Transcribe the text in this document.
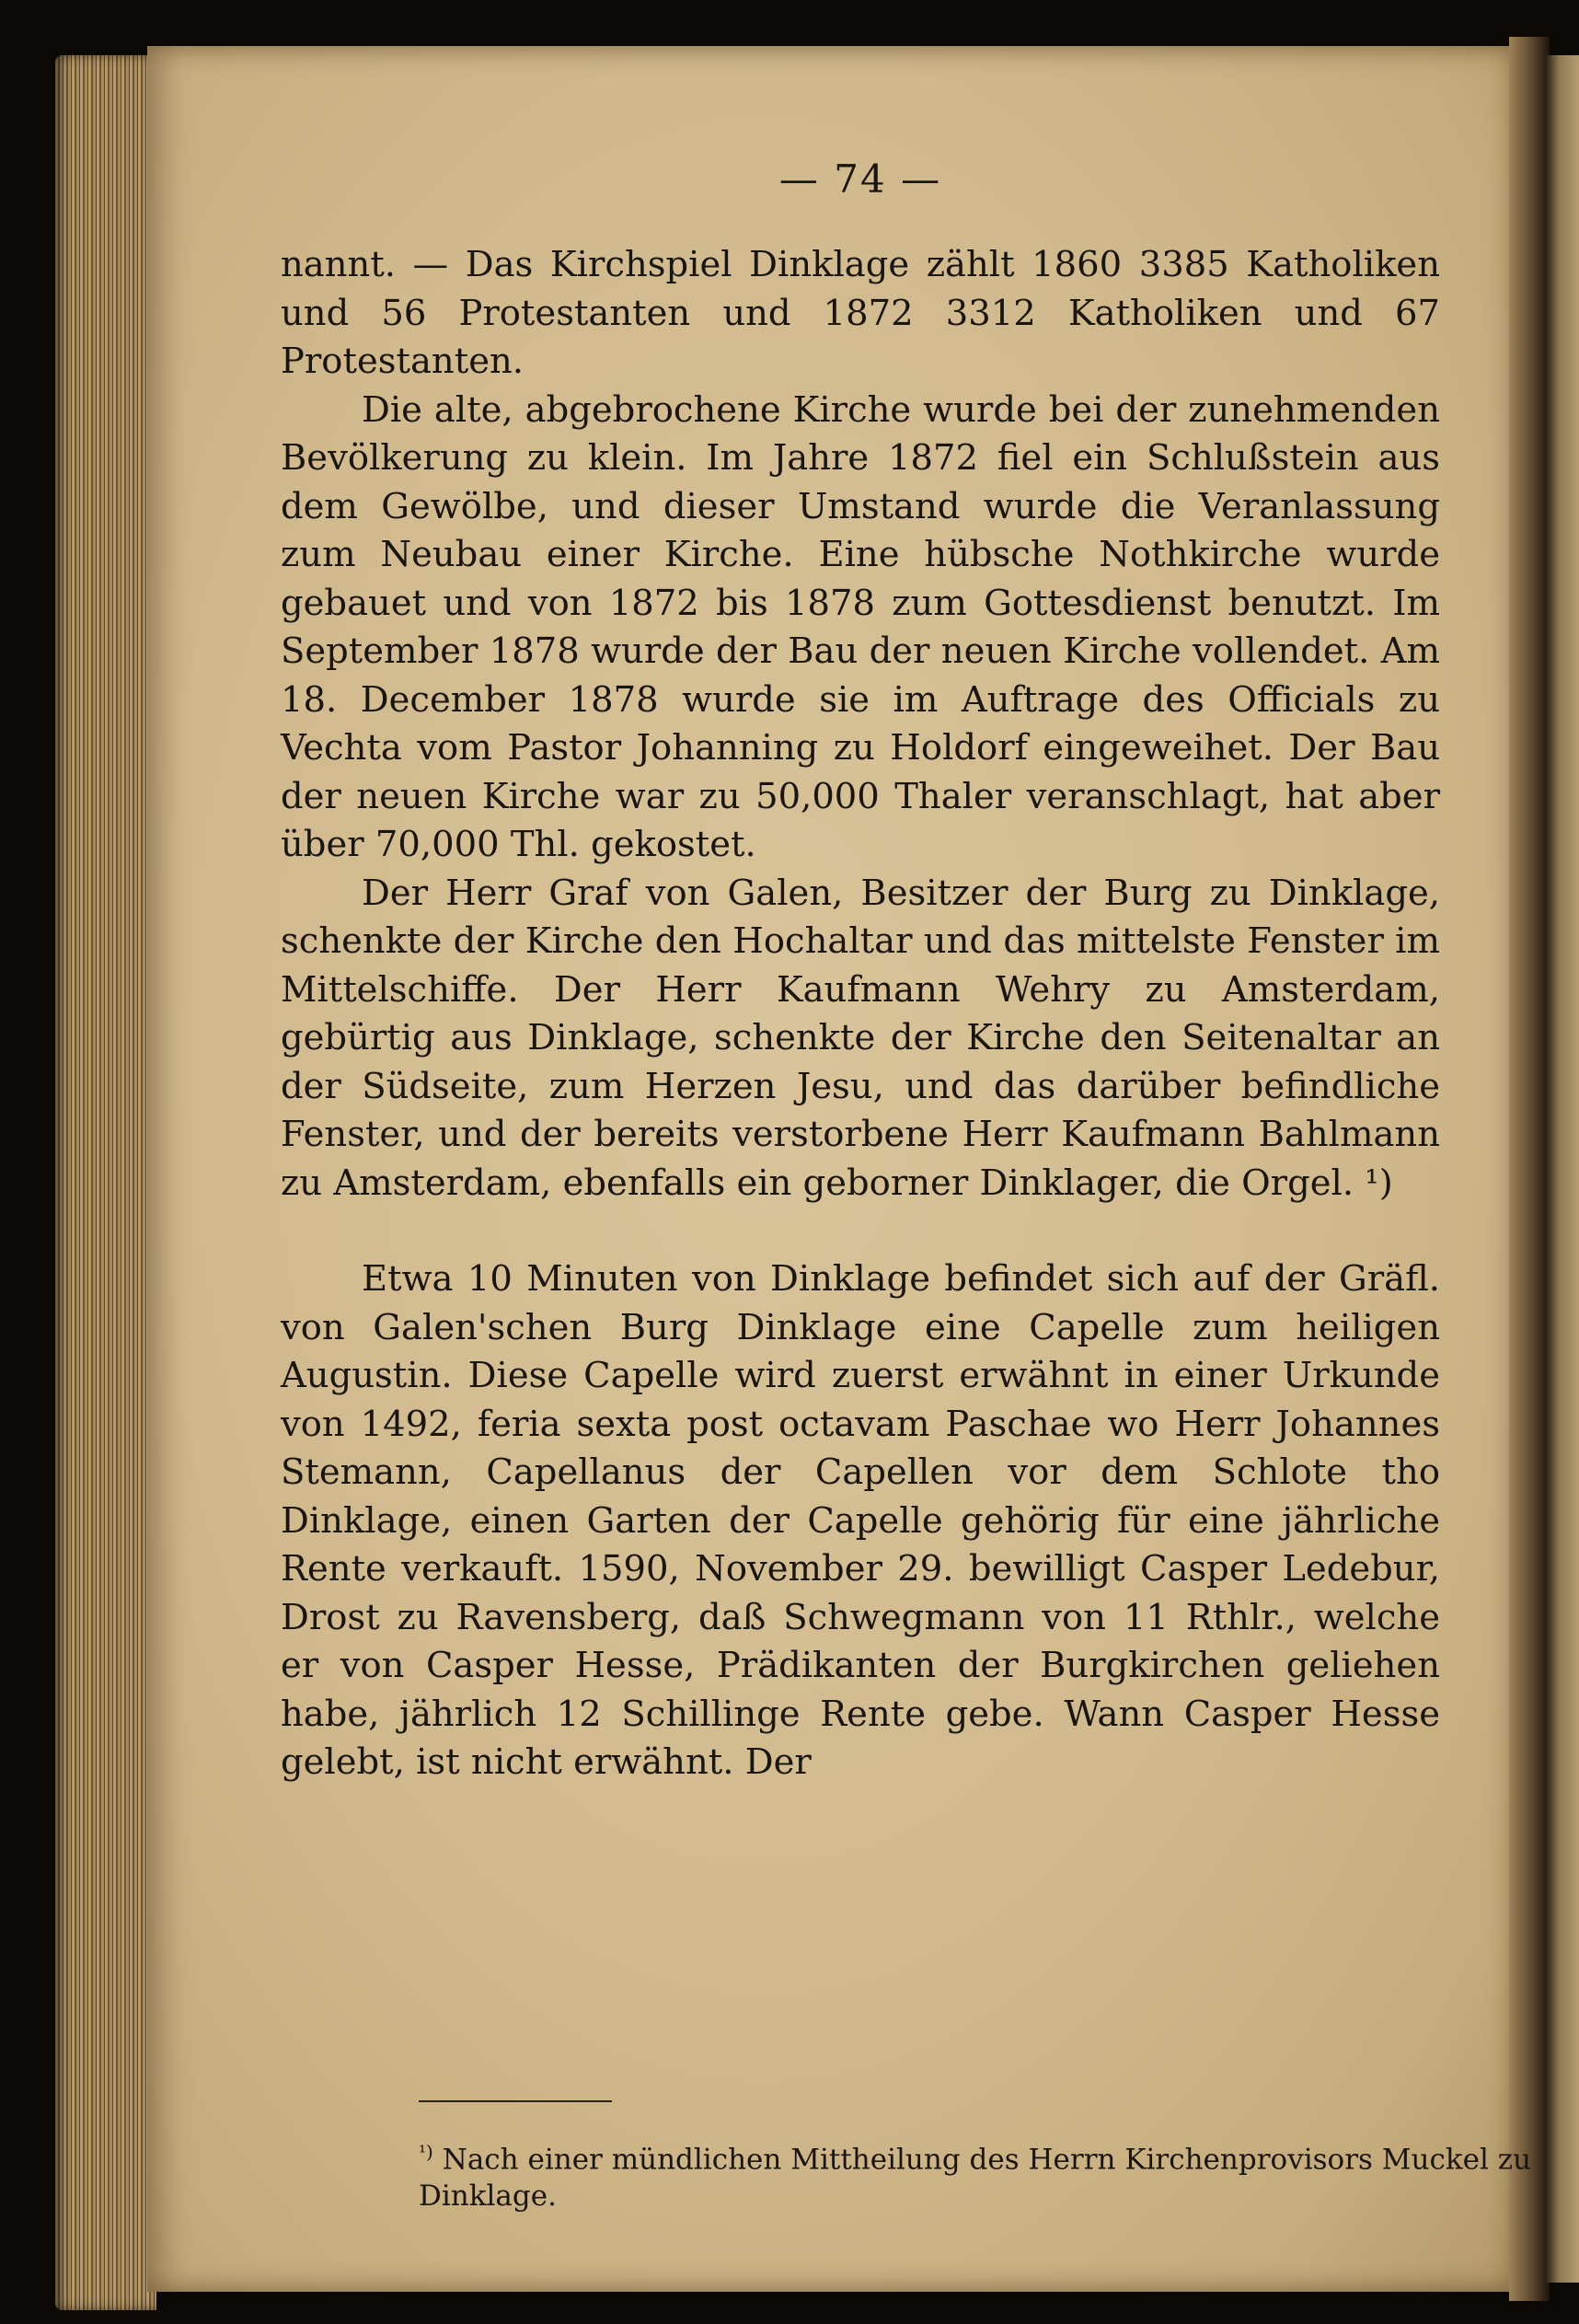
— 74 —

nannt. — Das Kirchspiel Dinklage zählt 1860 3385 Katholiken und 56 Protestanten und 1872 3312 Katholiken und 67 Protestanten.

Die alte, abgebrochene Kirche wurde bei der zunehmenden Bevölkerung zu klein. Im Jahre 1872 fiel ein Schlußstein aus dem Gewölbe, und dieser Umstand wurde die Veranlassung zum Neubau einer Kirche. Eine hübsche Nothkirche wurde gebauet und von 1872 bis 1878 zum Gottesdienst benutzt. Im September 1878 wurde der Bau der neuen Kirche vollendet. Am 18. December 1878 wurde sie im Auftrage des Officials zu Vechta vom Pastor Johanning zu Holdorf eingeweihet. Der Bau der neuen Kirche war zu 50,000 Thaler veranschlagt, hat aber über 70,000 Thl. gekostet.

Der Herr Graf von Galen, Besitzer der Burg zu Dinklage, schenkte der Kirche den Hochaltar und das mittelste Fenster im Mittelschiffe. Der Herr Kaufmann Wehry zu Amsterdam, gebürtig aus Dinklage, schenkte der Kirche den Seitenaltar an der Südseite, zum Herzen Jesu, und das darüber befindliche Fenster, und der bereits verstorbene Herr Kaufmann Bahlmann zu Amsterdam, ebenfalls ein geborner Dinklager, die Orgel. ¹)

Etwa 10 Minuten von Dinklage befindet sich auf der Gräfl. von Galen'schen Burg Dinklage eine Capelle zum heiligen Augustin. Diese Capelle wird zuerst erwähnt in einer Urkunde von 1492, feria sexta post octavam Paschae wo Herr Johannes Stemann, Capellanus der Capellen vor dem Schlote tho Dinklage, einen Garten der Capelle gehörig für eine jährliche Rente verkauft. 1590, November 29. bewilligt Casper Ledebur, Drost zu Ravensberg, daß Schwegmann von 11 Rthlr., welche er von Casper Hesse, Prädikanten der Burgkirchen geliehen habe, jährlich 12 Schillinge Rente gebe. Wann Casper Hesse gelebt, ist nicht erwähnt. Der

$^{^1)}$ Nach einer mündlichen Mittheilung des Herrn Kirchenprovisors Muckel zu Dinklage.
